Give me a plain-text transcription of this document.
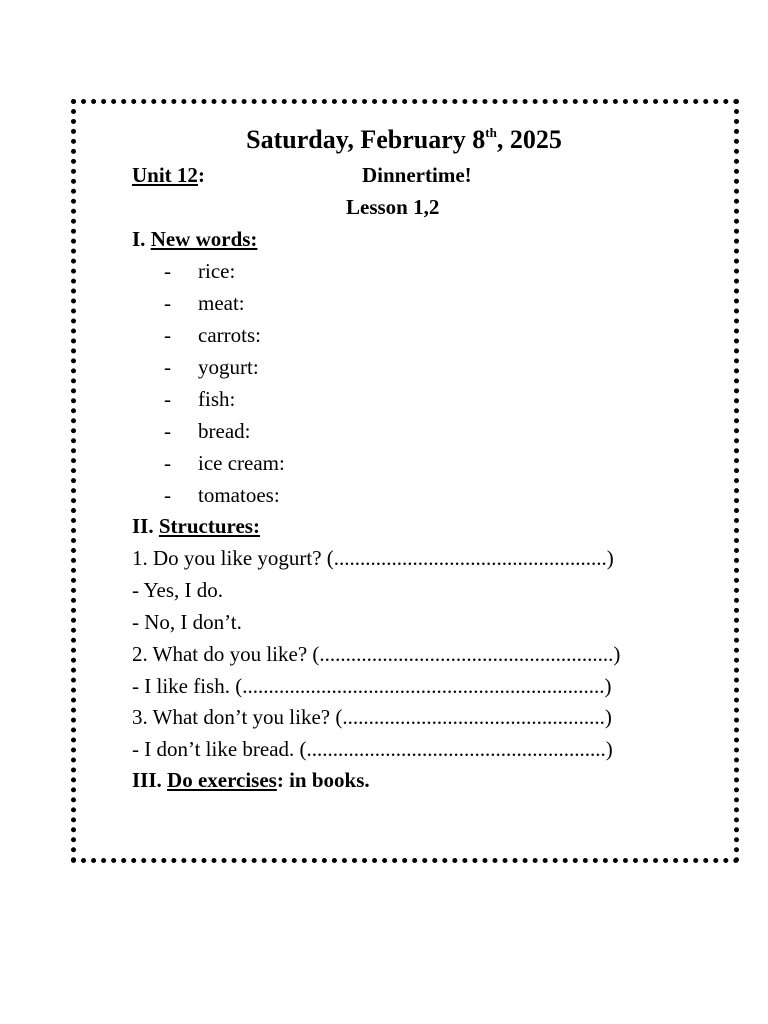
Saturday, February 8th, 2025
Unit 12:	Dinnertime!
Lesson 1,2
I. New words:
- rice:
- meat:
- carrots:
- yogurt:
- fish:
- bread:
- ice cream:
- tomatoes:
II. Structures:
1. Do you like yogurt? (....................................................)
- Yes, I do.
- No, I don’t.
2. What do you like? (........................................................)
- I like fish. (.....................................................................)
3. What don’t you like? (..................................................)
- I don’t like bread. (.........................................................)
III. Do exercises: in books.
